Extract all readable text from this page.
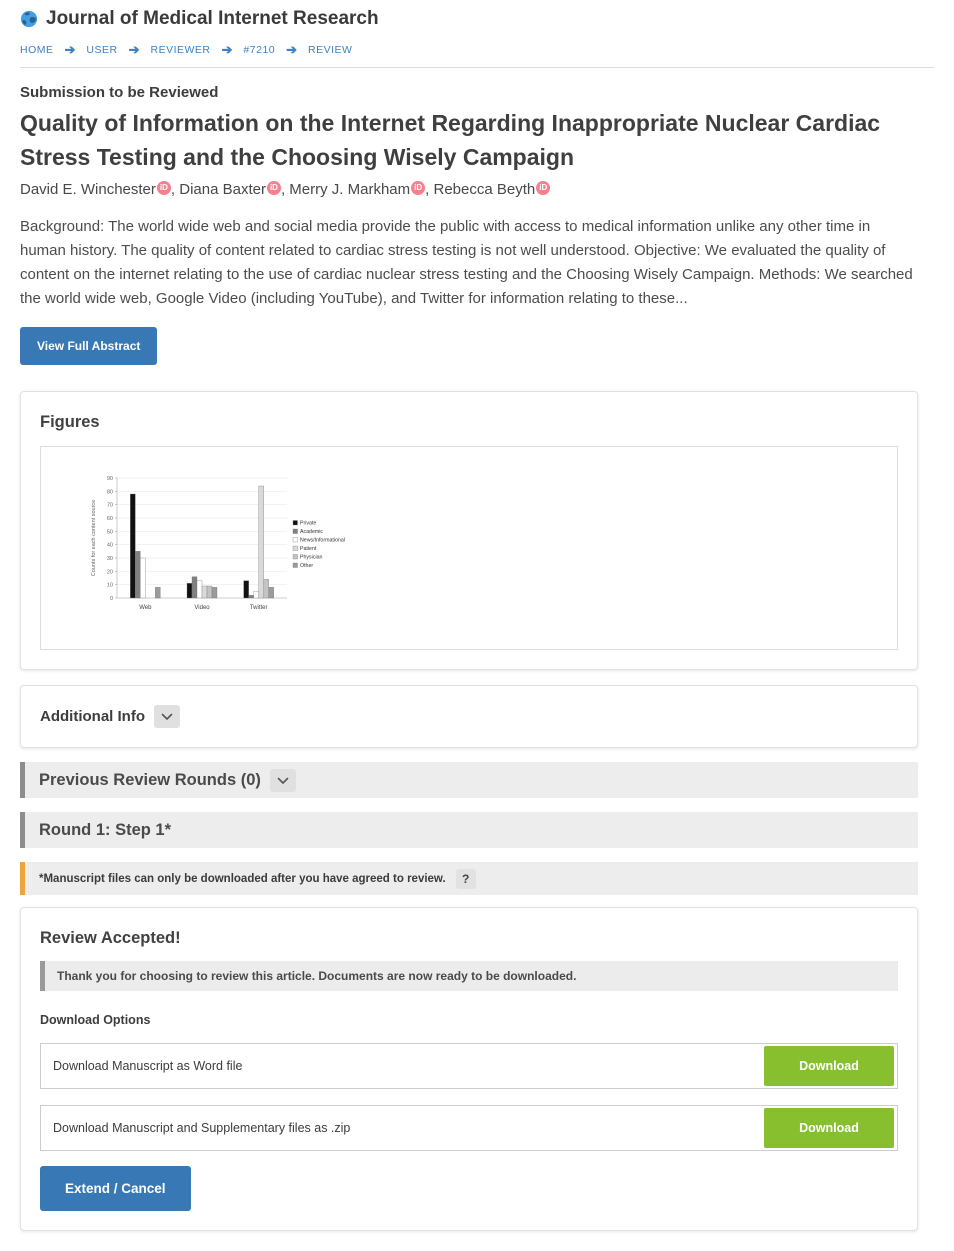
Journal of Medical Internet Research
HOME ➔ USER ➔ REVIEWER ➔ #7210 ➔ REVIEW
Submission to be Reviewed
Quality of Information on the Internet Regarding Inappropriate Nuclear Cardiac Stress Testing and the Choosing Wisely Campaign
David E. Winchester iD , Diana Baxter iD , Merry J. Markham iD , Rebecca Beyth iD
Background: The world wide web and social media provide the public with access to medical information unlike any other time in human history. The quality of content related to cardiac stress testing is not well understood. Objective: We evaluated the quality of content on the internet relating to the use of cardiac nuclear stress testing and the Choosing Wisely Campaign. Methods: We searched the world wide web, Google Video (including YouTube), and Twitter for information relating to these...
View Full Abstract
Figures
0
10
20
30
40
50
60
70
80
90
Counts for each content source
Web	Video	Twitter
Private
Academic
News/Informational
Patient
Physician
Other
Additional Info
Previous Review Rounds (0)
Round 1: Step 1*
*Manuscript files can only be downloaded after you have agreed to review.	?
Review Accepted!
Thank you for choosing to review this article. Documents are now ready to be downloaded.
Download Options
Download Manuscript as Word file	Download
Download Manuscript and Supplementary files as .zip	Download
Extend / Cancel
